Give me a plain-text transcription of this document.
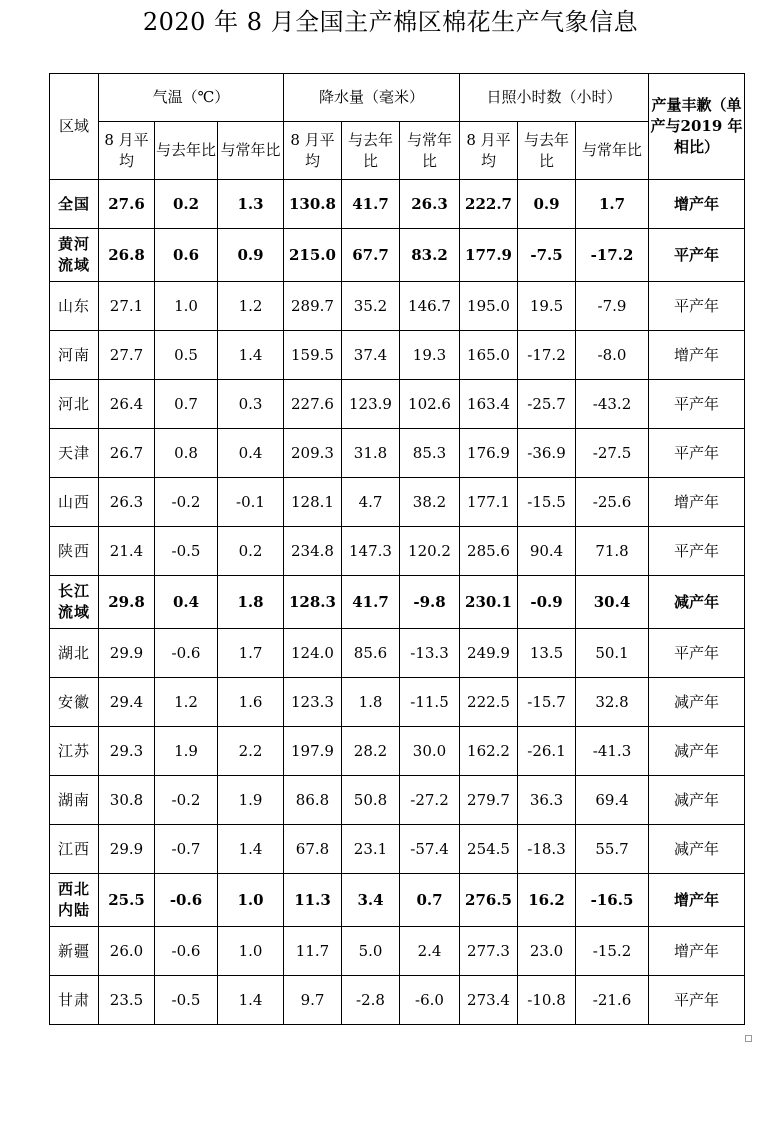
2020 年 8 月全国主产棉区棉花生产气象信息
区域	气温（℃）			降水量（毫米）			日照小时数（小时）			产量丰歉（单产与2019 年相比）
	8 月平均	与去年比	与常年比	8 月平均	与去年比	与常年比	8 月平均	与去年比	与常年比	
全国	27.6	0.2	1.3	130.8	41.7	26.3	222.7	0.9	1.7	增产年
黄河流域	26.8	0.6	0.9	215.0	67.7	83.2	177.9	-7.5	-17.2	平产年
山东	27.1	1.0	1.2	289.7	35.2	146.7	195.0	19.5	-7.9	平产年
河南	27.7	0.5	1.4	159.5	37.4	19.3	165.0	-17.2	-8.0	增产年
河北	26.4	0.7	0.3	227.6	123.9	102.6	163.4	-25.7	-43.2	平产年
天津	26.7	0.8	0.4	209.3	31.8	85.3	176.9	-36.9	-27.5	平产年
山西	26.3	-0.2	-0.1	128.1	4.7	38.2	177.1	-15.5	-25.6	增产年
陕西	21.4	-0.5	0.2	234.8	147.3	120.2	285.6	90.4	71.8	平产年
长江流域	29.8	0.4	1.8	128.3	41.7	-9.8	230.1	-0.9	30.4	减产年
湖北	29.9	-0.6	1.7	124.0	85.6	-13.3	249.9	13.5	50.1	平产年
安徽	29.4	1.2	1.6	123.3	1.8	-11.5	222.5	-15.7	32.8	减产年
江苏	29.3	1.9	2.2	197.9	28.2	30.0	162.2	-26.1	-41.3	减产年
湖南	30.8	-0.2	1.9	86.8	50.8	-27.2	279.7	36.3	69.4	减产年
江西	29.9	-0.7	1.4	67.8	23.1	-57.4	254.5	-18.3	55.7	减产年
西北内陆	25.5	-0.6	1.0	11.3	3.4	0.7	276.5	16.2	-16.5	增产年
新疆	26.0	-0.6	1.0	11.7	5.0	2.4	277.3	23.0	-15.2	增产年
甘肃	23.5	-0.5	1.4	9.7	-2.8	-6.0	273.4	-10.8	-21.6	平产年
